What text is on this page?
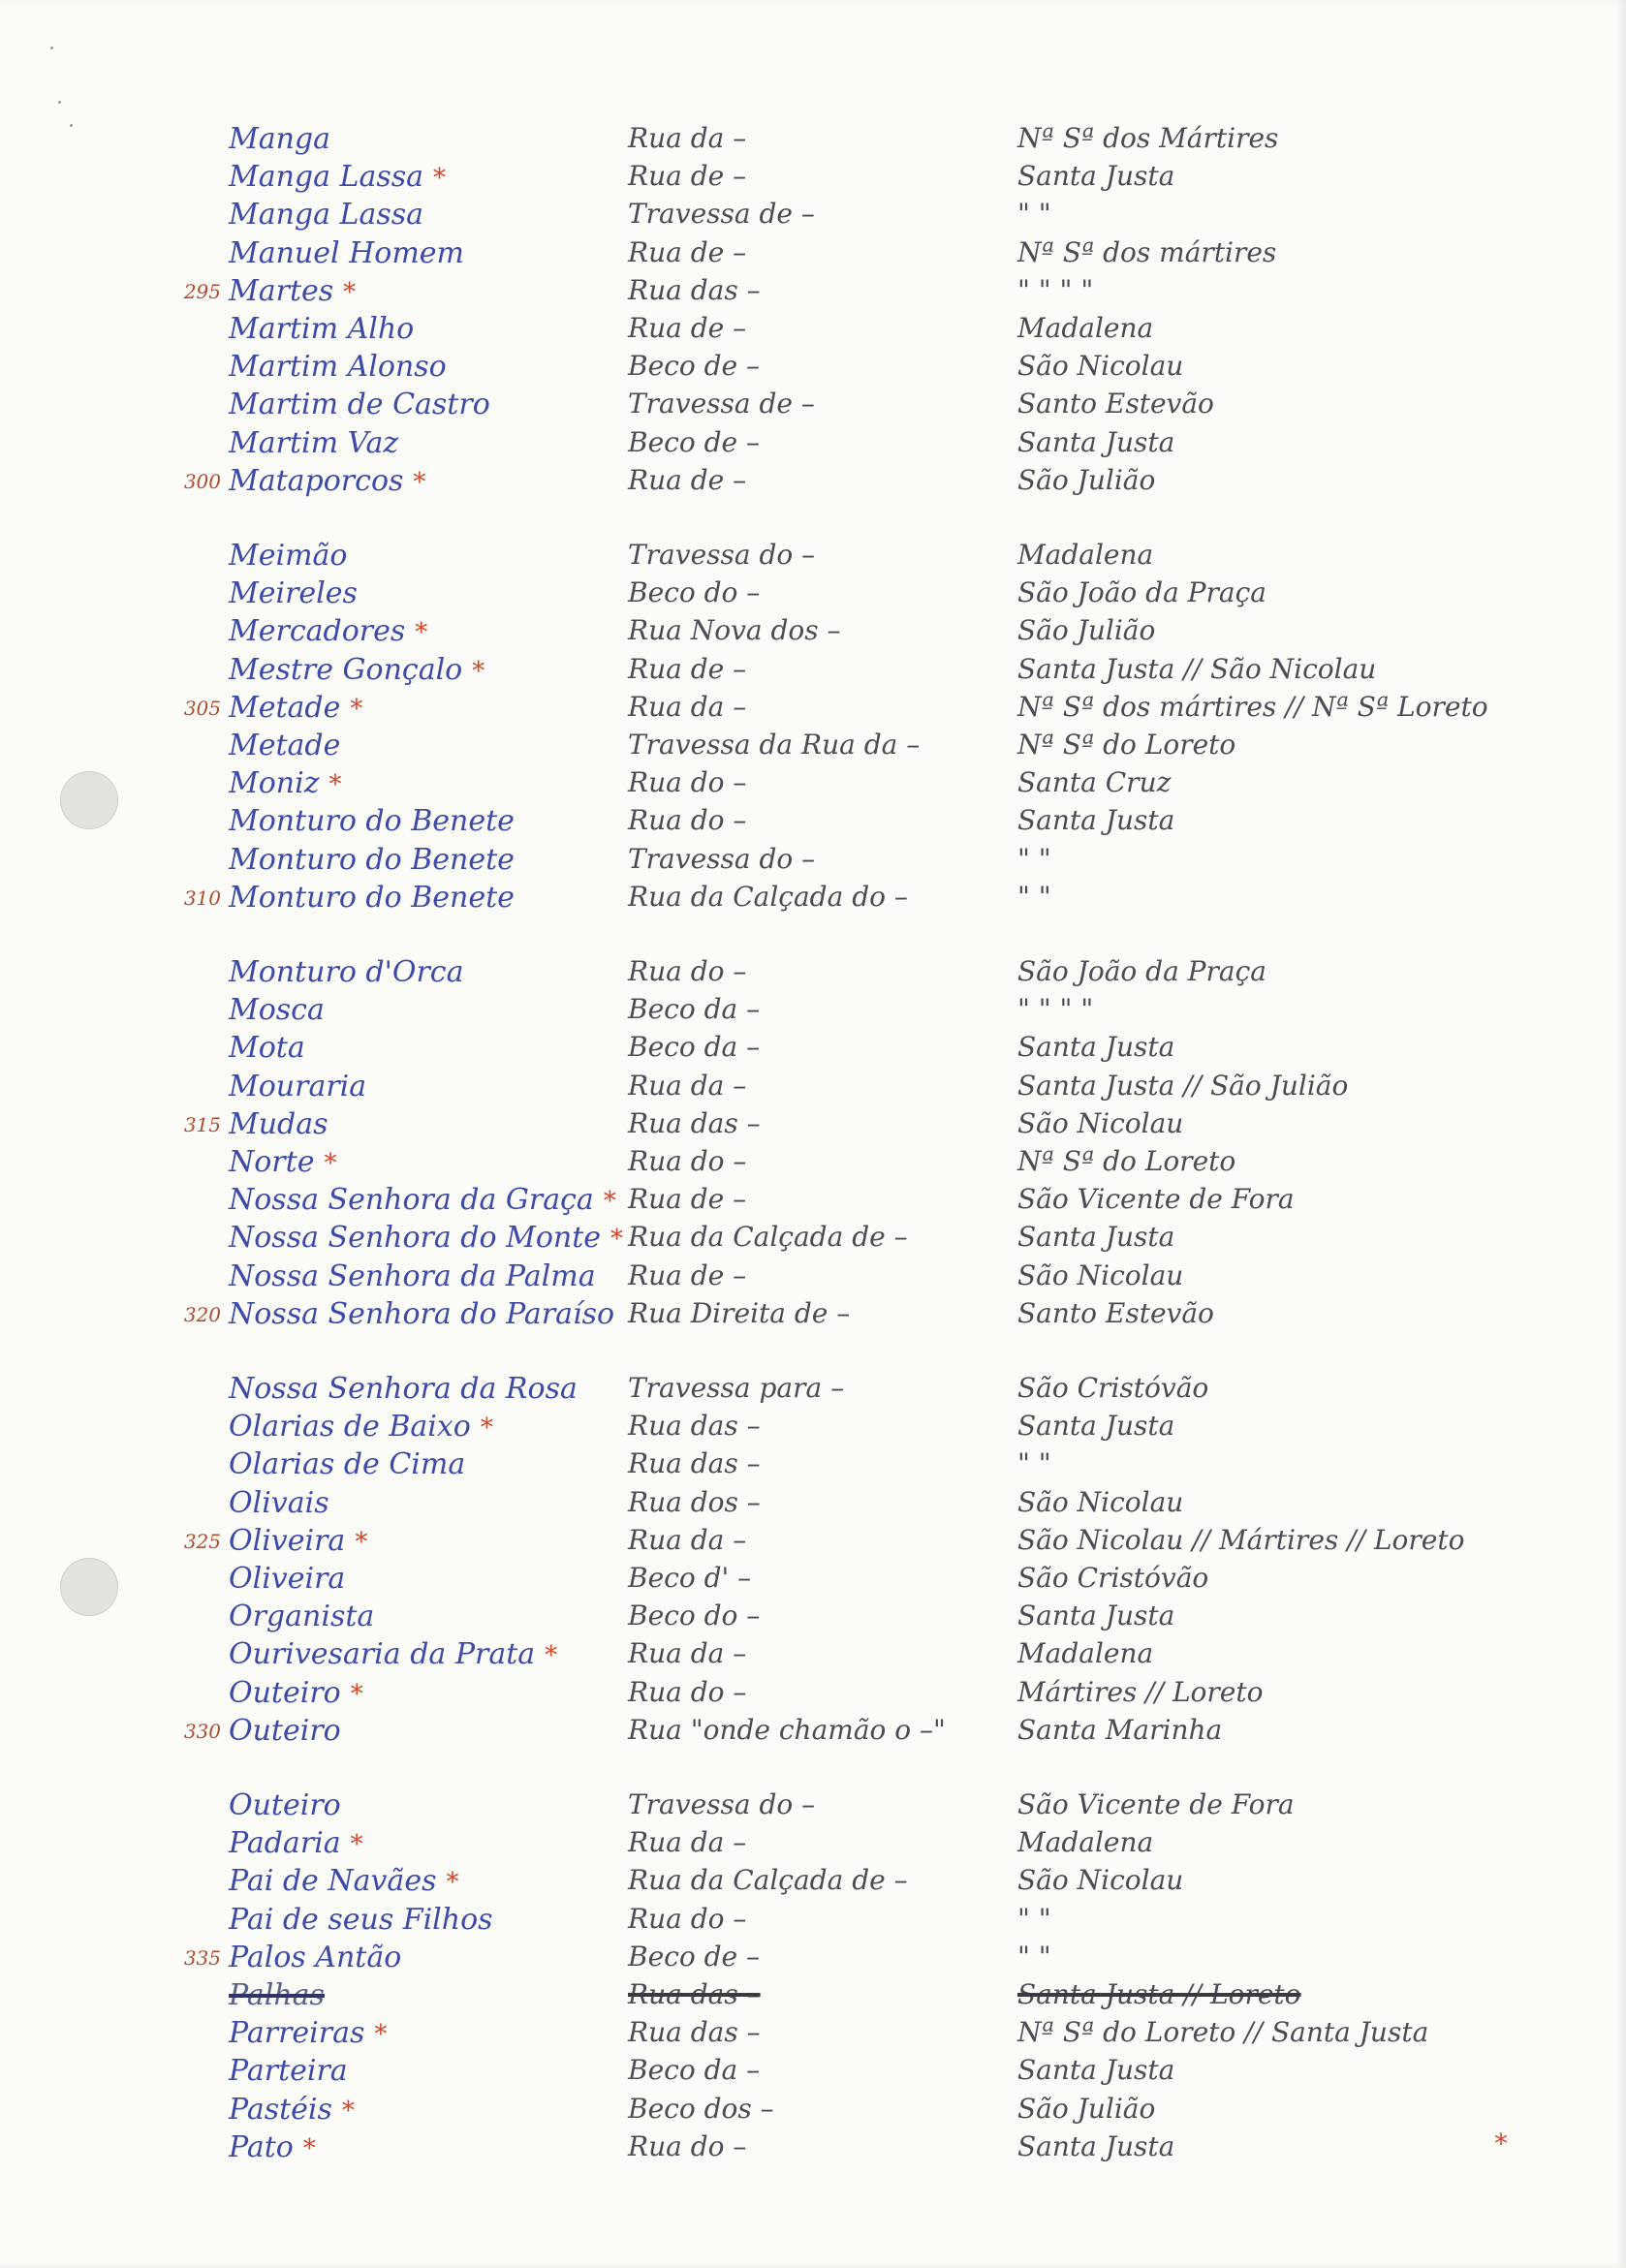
Manga	Rua da –	Nª Sª dos Mártires
Manga Lassa *	Rua de –	Santa Justa
Manga Lassa	Travessa de –	" "
Manuel Homem	Rua de –	Nª Sª dos mártires
295 Martes *	Rua das –	" " " "
Martim Alho	Rua de –	Madalena
Martim Alonso	Beco de –	São Nicolau
Martim de Castro	Travessa de –	Santo Estevão
Martim Vaz	Beco de –	Santa Justa
300 Mataporcos *	Rua de –	São Julião
Meimão	Travessa do –	Madalena
Meireles	Beco do –	São João da Praça
Mercadores *	Rua Nova dos –	São Julião
Mestre Gonçalo *	Rua de –	Santa Justa // São Nicolau
305 Metade *	Rua da –	Nª Sª dos mártires // Nª Sª Loreto
Metade	Travessa da Rua da –	Nª Sª do Loreto
Moniz *	Rua do –	Santa Cruz
Monturo do Benete	Rua do –	Santa Justa
Monturo do Benete	Travessa do –	" "
310 Monturo do Benete	Rua da Calçada do –	" "
Monturo d'Orca	Rua do –	São João da Praça
Mosca	Beco da –	" " " "
Mota	Beco da –	Santa Justa
Mouraria	Rua da –	Santa Justa // São Julião
315 Mudas	Rua das –	São Nicolau
Norte *	Rua do –	Nª Sª do Loreto
Nossa Senhora da Graça * Rua de –	São Vicente de Fora
Nossa Senhora do Monte * Rua da Calçada de –	Santa Justa
Nossa Senhora da Palma Rua de –	São Nicolau
320 Nossa Senhora do Paraíso Rua Direita de –	Santo Estevão
Nossa Senhora da Rosa Travessa para –	São Cristóvão
Olarias de Baixo *	Rua das –	Santa Justa
Olarias de Cima	Rua das –	" "
Olivais	Rua dos –	São Nicolau
325 Oliveira *	Rua da –	São Nicolau // Mártires // Loreto
Oliveira	Beco d' –	São Cristóvão
Organista	Beco do –	Santa Justa
Ourivesaria da Prata *	Rua da –	Madalena
Outeiro *	Rua do –	Mártires // Loreto
330 Outeiro	Rua "onde chamão o –"	Santa Marinha
Outeiro	Travessa do –	São Vicente de Fora
Padaria *	Rua da –	Madalena
Pai de Navães *	Rua da Calçada de –	São Nicolau
Pai de seus Filhos	Rua do –	" "
335 Palos Antão	Beco de –	" "
Palhas	Rua das –	Santa Justa // Loreto
Parreiras *	Rua das –	Nª Sª do Loreto // Santa Justa
Parteira	Beco da –	Santa Justa
Pastéis *	Beco dos –	São Julião
Pato *	Rua do –	Santa Justa	*
